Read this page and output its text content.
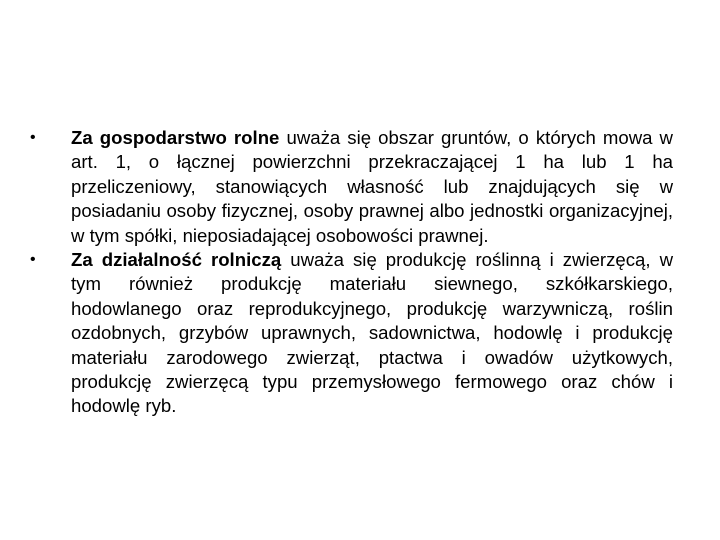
• Za gospodarstwo rolne uważa się obszar gruntów, o których mowa w art. 1, o łącznej powierzchni przekraczającej 1 ha lub 1 ha przeliczeniowy, stanowiących własność lub znajdujących się w posiadaniu osoby fizycznej, osoby prawnej albo jednostki organizacyjnej, w tym spółki, nieposiadającej osobowości prawnej.
• Za działalność rolniczą uważa się produkcję roślinną i zwierzęcą, w tym również produkcję materiału siewnego, szkółkarskiego, hodowlanego oraz reprodukcyjnego, produkcję warzywniczą, roślin ozdobnych, grzybów uprawnych, sadownictwa, hodowlę i produkcję materiału zarodowego zwierząt, ptactwa i owadów użytkowych, produkcję zwierzęcą typu przemysłowego fermowego oraz chów i hodowlę ryb.
